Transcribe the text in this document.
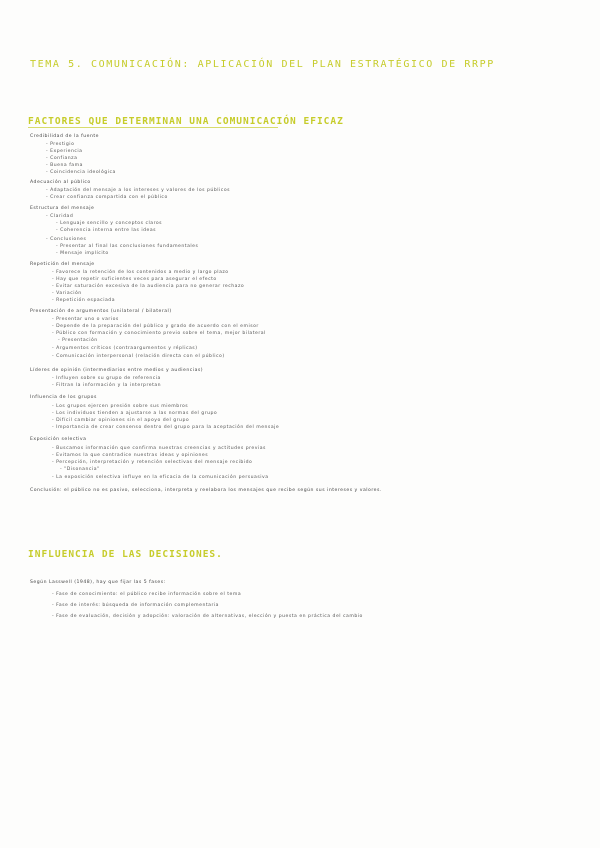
TEMA 5. COMUNICACIÓN: APLICACIÓN DEL PLAN ESTRATÉGICO DE RRPP
FACTORES QUE DETERMINAN UNA COMUNICACIÓN EFICAZ
Credibilidad de la fuente
- Prestigio
- Experiencia
- Confianza
- Buena fama
- Coincidencia ideológica
Adecuación al público
- Adaptación del mensaje a los intereses y valores de los públicos
- Crear confianza compartida con el público
Estructura del mensaje
- Claridad
- Lenguaje sencillo y conceptos claros
- Coherencia interna entre las ideas
- Conclusiones
- Presentar al final las conclusiones fundamentales
- Mensaje implícito
Repetición del mensaje
- Favorece la retención de los contenidos a medio y largo plazo
- Hay que repetir suficientes veces para asegurar el efecto
- Evitar saturación excesiva de la audiencia para no generar rechazo
- Variación
- Repetición espaciada
Presentación de argumentos (unilateral / bilateral)
- Presentar uno o varios
- Depende de la preparación del público y grado de acuerdo con el emisor
- Público con formación y conocimiento previo sobre el tema, mejor bilateral
- Presentación
- Argumentos críticos (contraargumentos y réplicas)
- Comunicación interpersonal (relación directa con el público)
Líderes de opinión (intermediarios entre medios y audiencias)
- Influyen sobre su grupo de referencia
- Filtran la información y la interpretan
Influencia de los grupos
- Los grupos ejercen presión sobre sus miembros
- Los individuos tienden a ajustarse a las normas del grupo
- Difícil cambiar opiniones sin el apoyo del grupo
- Importancia de crear consenso dentro del grupo para la aceptación del mensaje
Exposición selectiva
- Buscamos información que confirma nuestras creencias y actitudes previas
- Evitamos la que contradice nuestras ideas y opiniones
- Percepción, interpretación y retención selectivas del mensaje recibido
- "Disonancia"
- La exposición selectiva influye en la eficacia de la comunicación persuasiva
Conclusión: el público no es pasivo, selecciona, interpreta y reelabora los mensajes que recibe según sus intereses y valores.
INFLUENCIA DE LAS DECISIONES.
Según Lasswell (1948), hay que fijar las 5 fases:
- Fase de conocimiento: el público recibe información sobre el tema
- Fase de interés: búsqueda de información complementaria
- Fase de evaluación, decisión y adopción: valoración de alternativas, elección y puesta en práctica del cambio
